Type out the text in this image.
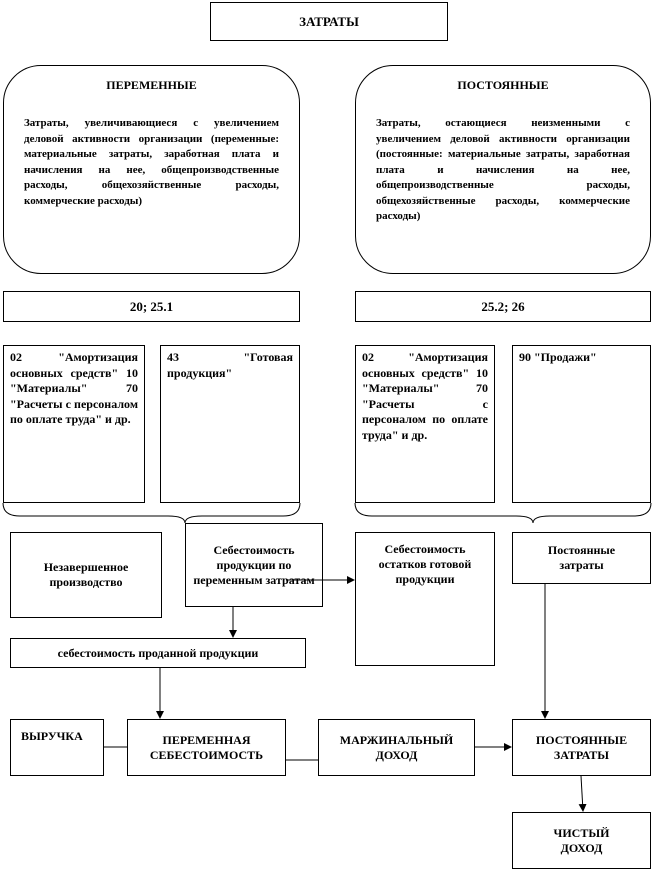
ЗАТРАТЫ
ПЕРЕМЕННЫЕ
Затраты, увеличивающиеся с увеличением деловой активности организации (переменные: материальные затраты, заработная плата и начисления на нее, общепроизводственные расходы, общехозяйственные расходы, коммерческие расходы)
ПОСТОЯННЫЕ
Затраты, остающиеся неизменными с увеличением деловой активности организации (постоянные: материальные затраты, заработная плата и начисления на нее, общепроизводственные расходы, общехозяйственные расходы, коммерческие расходы)
20; 25.1	25.2; 26
02 "Амортизация основных средств" 10 "Материалы" 70 "Расчеты с персоналом по оплате труда" и др.
43 "Готовая продукция"
02 "Амортизация основных средств" 10 "Материалы" 70 "Расчеты с персоналом по оплате труда" и др.
90 "Продажи"
Незавершенное производство
Себестоимость продукции по переменным затратам
Себестоимость остатков готовой продукции
Постоянные затраты
себестоимость проданной продукции
ВЫРУЧКА	ПЕРЕМЕННАЯ СЕБЕСТОИМОСТЬ
МАРЖИНАЛЬНЫЙ ДОХОД
ПОСТОЯННЫЕ ЗАТРАТЫ
ЧИСТЫЙ ДОХОД
